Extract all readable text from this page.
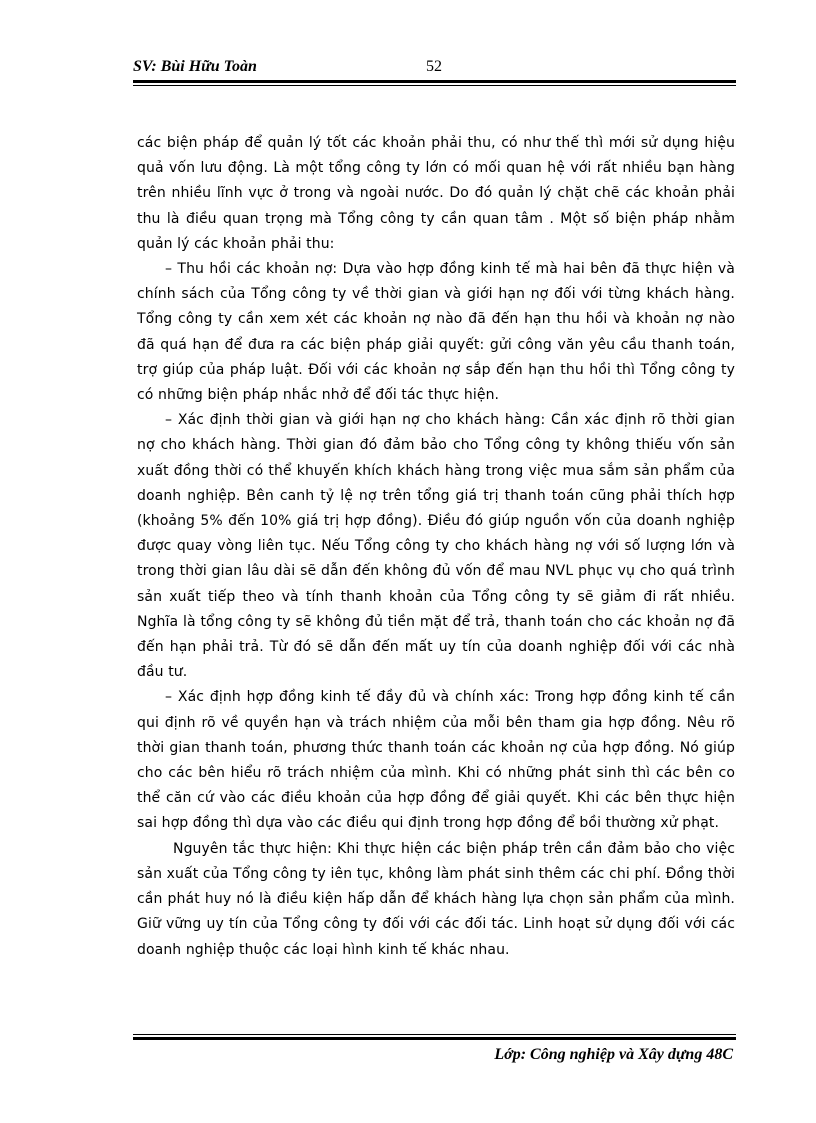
SV: Bùi Hữu Toàn	52

các biện pháp để quản lý tốt các khoản phải thu, có như thế thì mới sử dụng hiệu quả vốn lưu động. Là một tổng công ty lớn có mối quan hệ với rất nhiều bạn hàng trên nhiều lĩnh vực ở trong và ngoài nước. Do đó quản lý chặt chẽ các khoản phải thu là điều quan trọng mà Tổng công ty cần quan tâm . Một số biện pháp nhằm quản lý các khoản phải thu:

– Thu hồi các khoản nợ: Dựa vào hợp đồng kinh tế mà hai bên đã thực hiện và chính sách của Tổng công ty về thời gian và giới hạn nợ đối với từng khách hàng. Tổng công ty cần xem xét các khoản nợ nào đã đến hạn thu hồi và khoản nợ nào đã quá hạn để đưa ra các biện pháp giải quyết: gửi công văn yêu cầu thanh toán, trợ giúp của pháp luật. Đối với các khoản nợ sắp đến hạn thu hồi thì Tổng công ty có những biện pháp nhắc nhở để đối tác thực hiện.

– Xác định thời gian và giới hạn nợ cho khách hàng: Cần xác định rõ thời gian nợ cho khách hàng. Thời gian đó đảm bảo cho Tổng công ty không thiếu vốn sản xuất đồng thời có thể khuyến khích khách hàng trong việc mua sắm sản phẩm của doanh nghiệp. Bên canh tỷ lệ nợ trên tổng giá trị thanh toán cũng phải thích hợp (khoảng 5% đến 10% giá trị hợp đồng). Điều đó giúp nguồn vốn của doanh nghiệp được quay vòng liên tục. Nếu Tổng công ty cho khách hàng nợ với số lượng lớn và trong thời gian lâu dài sẽ dẫn đến không đủ vốn để mau NVL phục vụ cho quá trình sản xuất tiếp theo và tính thanh khoản của Tổng công ty sẽ giảm đi rất nhiều. Nghĩa là tổng công ty sẽ không đủ tiền mặt để trả, thanh toán cho các khoản nợ đã đến hạn phải trả. Từ đó sẽ dẫn đến mất uy tín của doanh nghiệp đối với các nhà đầu tư.

– Xác định hợp đồng kinh tế đầy đủ và chính xác: Trong hợp đồng kinh tế cần qui định rõ về quyền hạn và trách nhiệm của mỗi bên tham gia hợp đồng. Nêu rõ thời gian thanh toán, phương thức thanh toán các khoản nợ của hợp đồng. Nó giúp cho các bên hiểu rõ trách nhiệm của mình. Khi có những phát sinh thì các bên co thể căn cứ vào các điều khoản của hợp đồng để giải quyết. Khi các bên thực hiện sai hợp đồng thì dựa vào các điều qui định trong hợp đồng để bồi thường xử phạt.

Nguyên tắc thực hiện: Khi thực hiện các biện pháp trên cần đảm bảo cho việc sản xuất của Tổng công ty iên tục, không làm phát sinh thêm các chi phí. Đồng thời cần phát huy nó là điều kiện hấp dẫn để khách hàng lựa chọn sản phẩm của mình. Giữ vững uy tín của Tổng công ty đối với các đối tác. Linh hoạt sử dụng đối với các doanh nghiệp thuộc các loại hình kinh tế khác nhau.

Lớp: Công nghiệp và Xây dựng 48C
